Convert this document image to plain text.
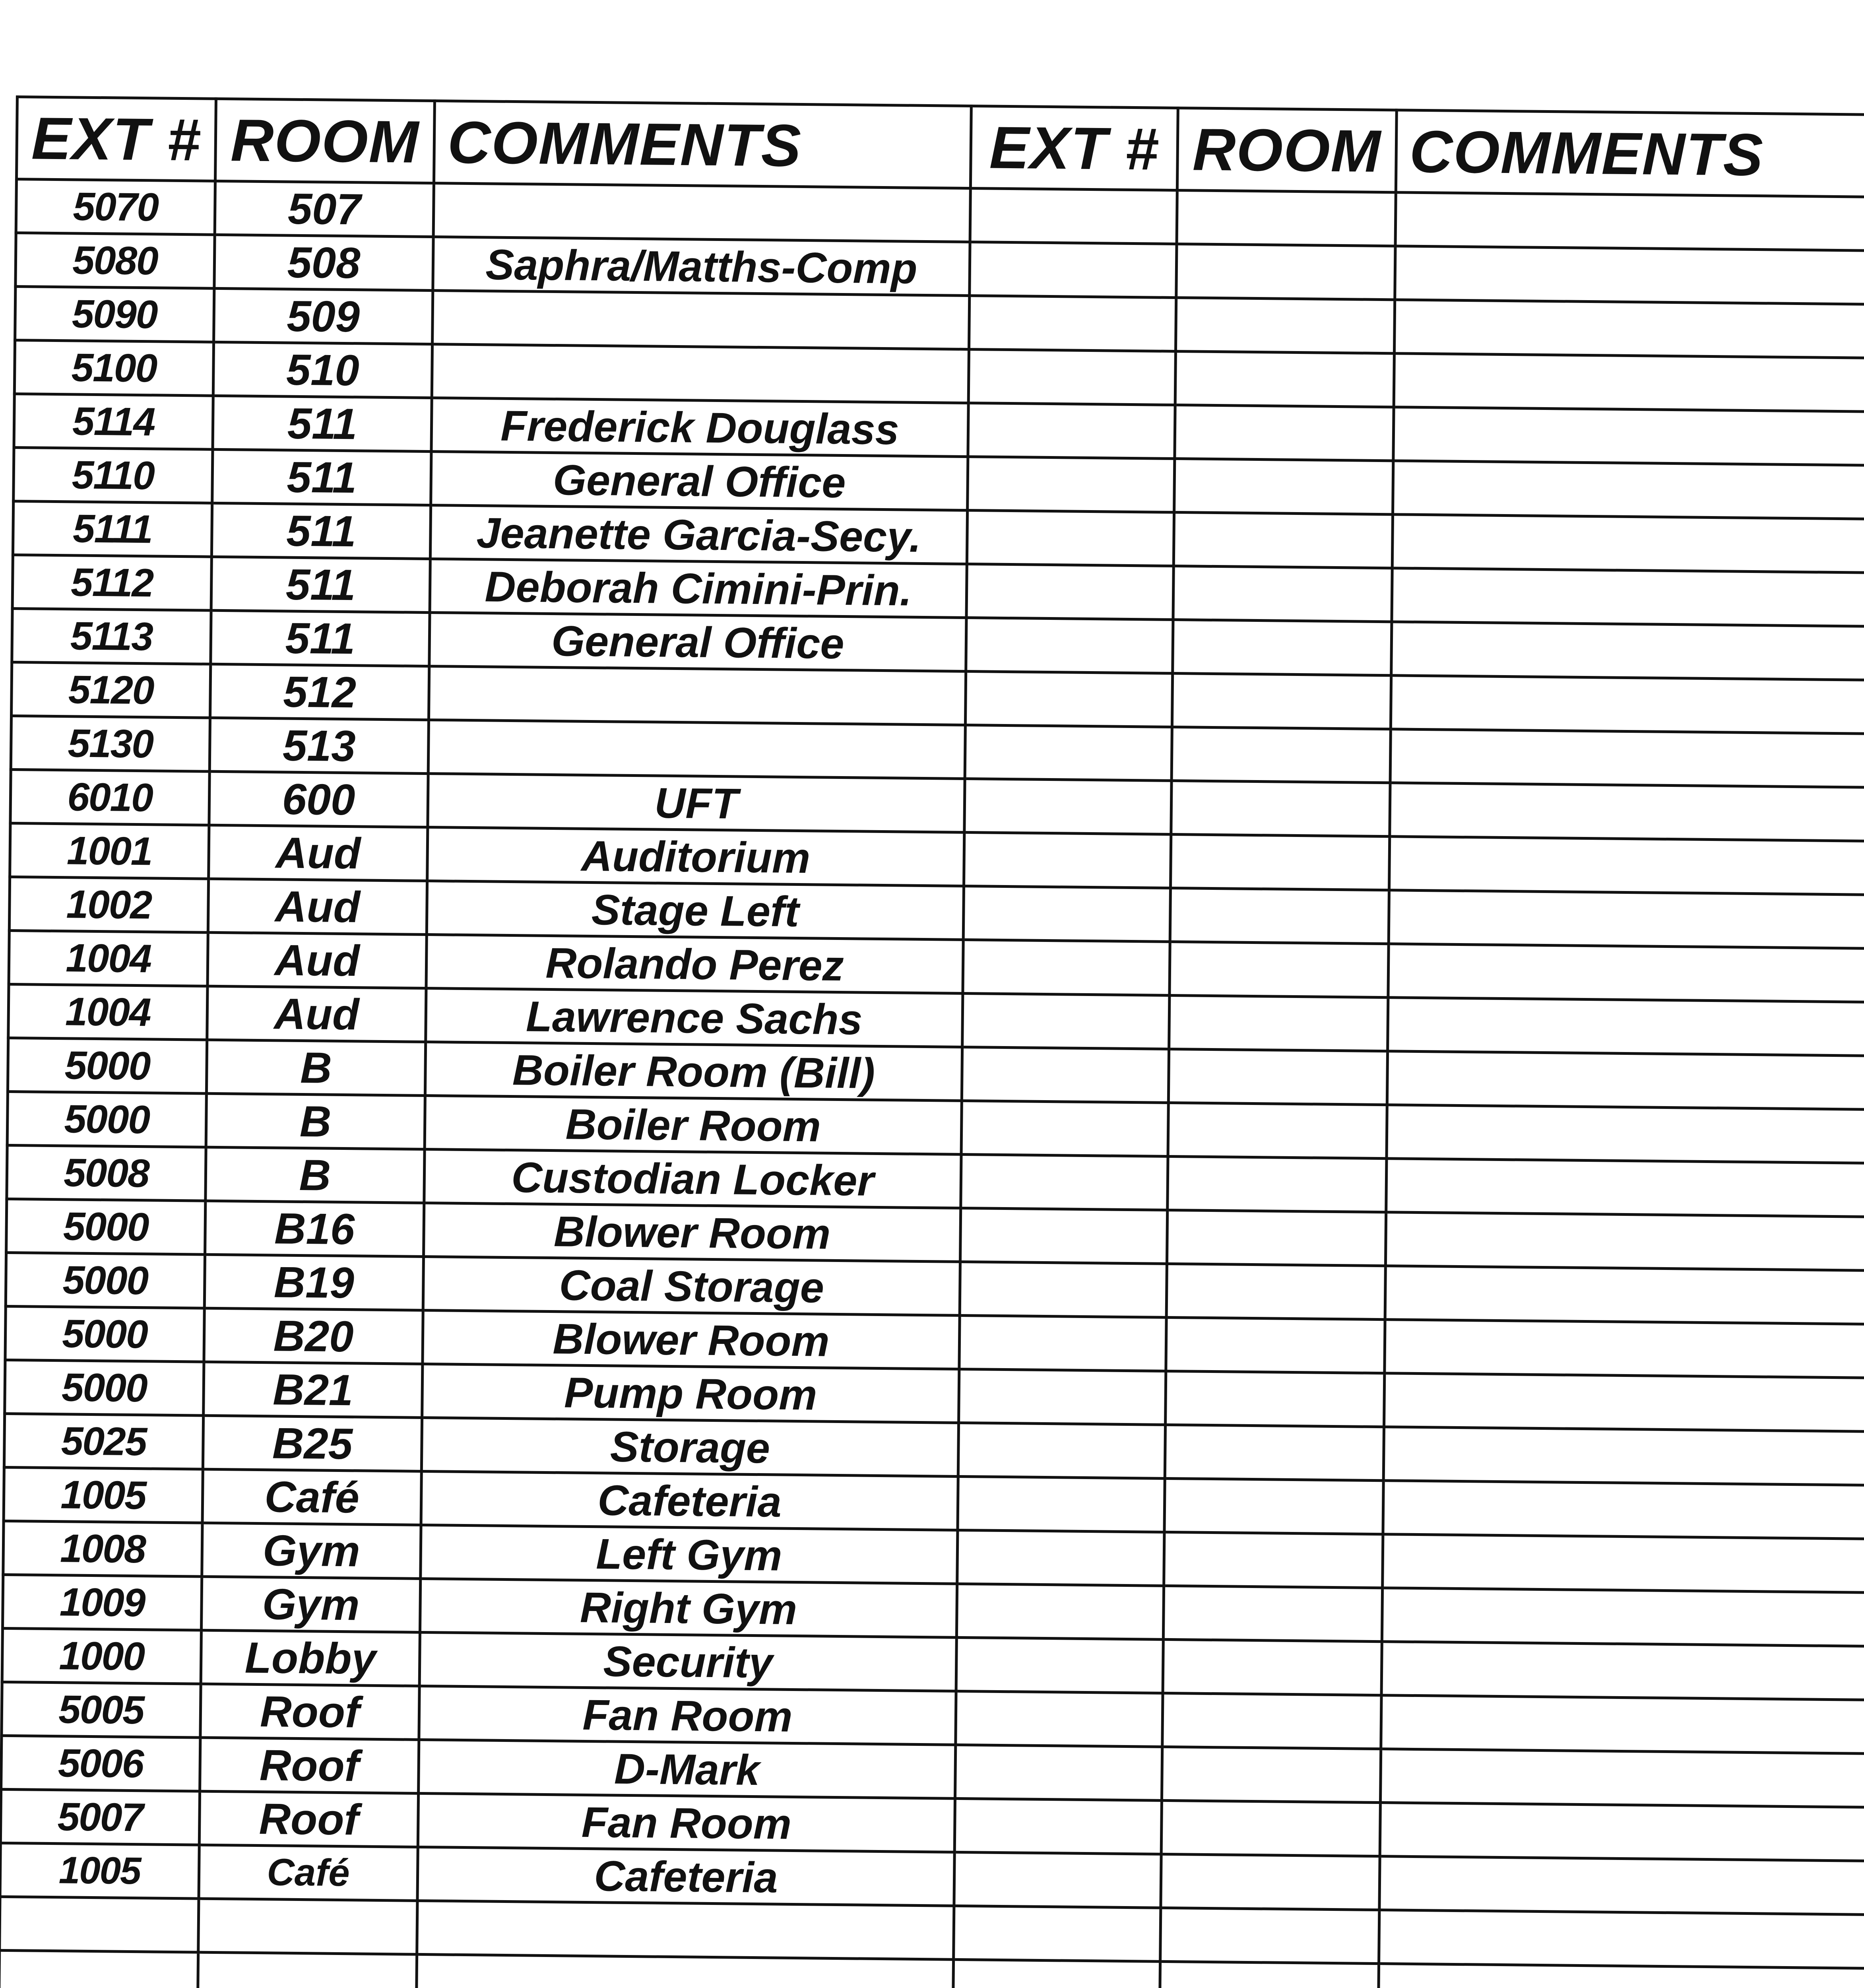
EXT #	ROOM	COMMENTS	EXT #	ROOM	COMMENTS
5070	507				
5080	508	Saphra/Matths-Comp			
5090	509				
5100	510				
5114	511	Frederick Douglass			
5110	511	General Office			
5111	511	Jeanette Garcia-Secy.			
5112	511	Deborah Cimini-Prin.			
5113	511	General Office			
5120	512				
5130	513				
6010	600	UFT			
1001	Aud	Auditorium			
1002	Aud	Stage Left			
1004	Aud	Rolando Perez			
1004	Aud	Lawrence Sachs			
5000	B	Boiler Room (Bill)			
5000	B	Boiler Room			
5008	B	Custodian Locker			
5000	B16	Blower Room			
5000	B19	Coal Storage			
5000	B20	Blower Room			
5000	B21	Pump Room			
5025	B25	Storage			
1005	Café	Cafeteria			
1008	Gym	Left Gym			
1009	Gym	Right Gym			
1000	Lobby	Security			
5005	Roof	Fan Room			
5006	Roof	D-Mark			
5007	Roof	Fan Room			
1005	Café	Cafeteria			
